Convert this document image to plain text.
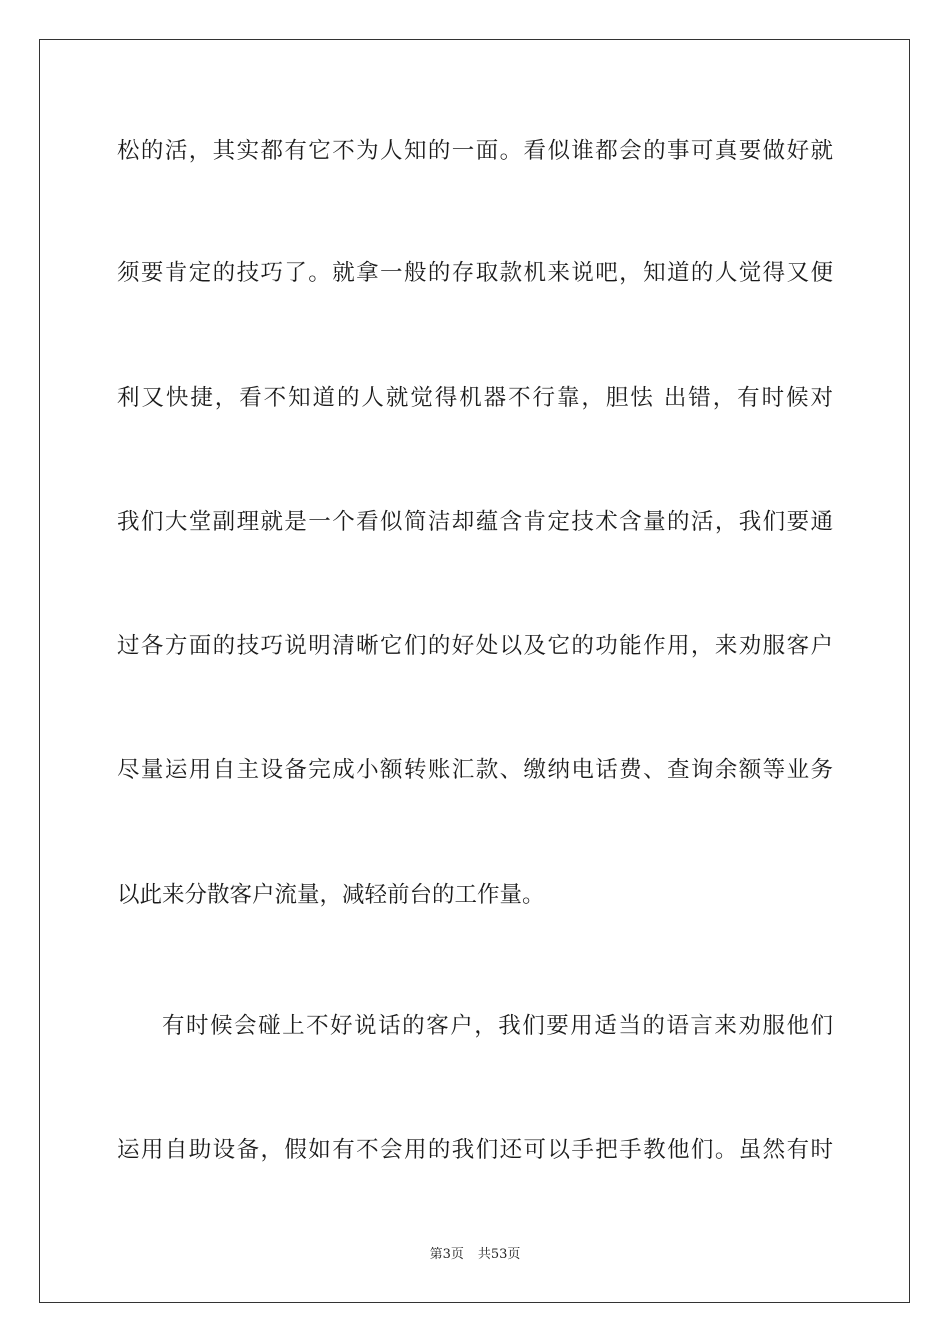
松的活，其实都有它不为人知的一面。看似谁都会的事可真要做好就
须要肯定的技巧了。就拿一般的存取款机来说吧，知道的人觉得又便
利又快捷，看不知道的人就觉得机器不行靠，胆怯 出错，有时候对
我们大堂副理就是一个看似简洁却蕴含肯定技术含量的活，我们要通
过各方面的技巧说明清晰它们的好处以及它的功能作用，来劝服客户
尽量运用自主设备完成小额转账汇款、缴纳电话费、查询余额等业务
以此来分散客户流量，减轻前台的工作量。
有时候会碰上不好说话的客户，我们要用适当的语言来劝服他们
运用自助设备，假如有不会用的我们还可以手把手教他们。虽然有时
第3页 共53页
